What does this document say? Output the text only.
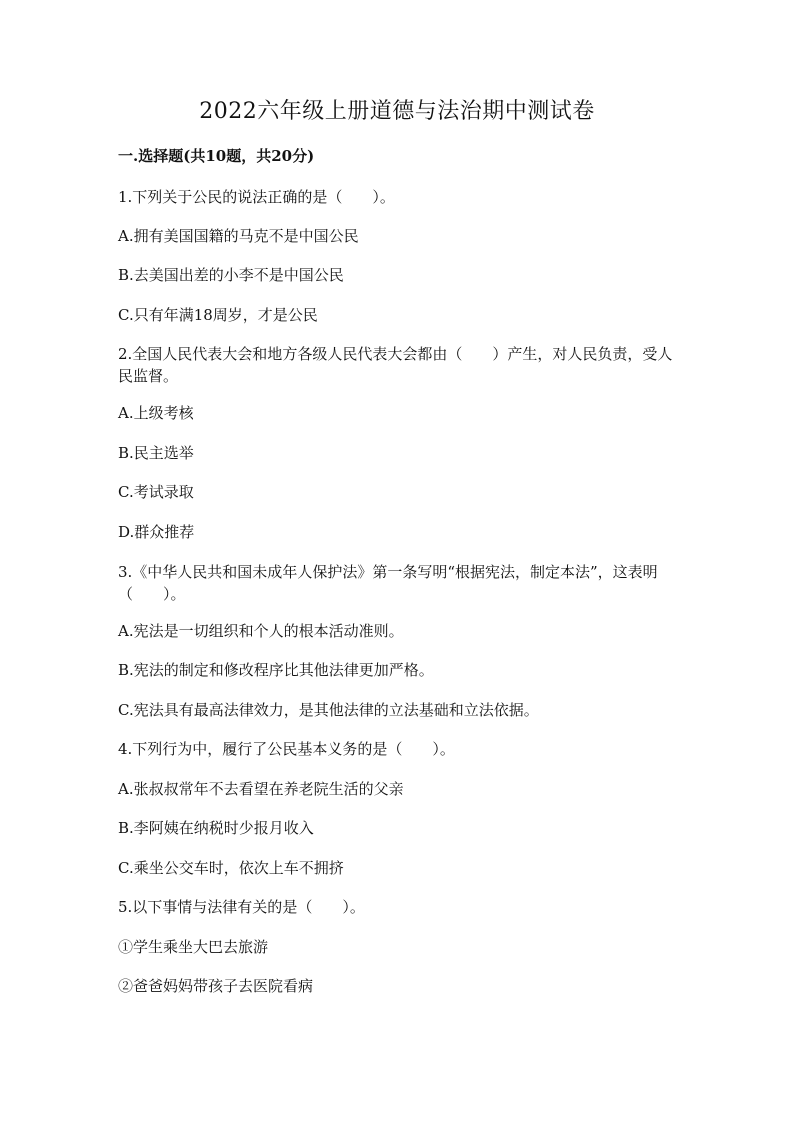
2022六年级上册道德与法治期中测试卷

一.选择题(共10题，共20分)

1.下列关于公民的说法正确的是（　　）。

A.拥有美国国籍的马克不是中国公民

B.去美国出差的小李不是中国公民

C.只有年满18周岁，才是公民

2.全国人民代表大会和地方各级人民代表大会都由（　　）产生，对人民负责，受人民监督。

A.上级考核

B.民主选举

C.考试录取

D.群众推荐

3.《中华人民共和国未成年人保护法》第一条写明“根据宪法，制定本法”，这表明（　　）。

A.宪法是一切组织和个人的根本活动准则。

B.宪法的制定和修改程序比其他法律更加严格。

C.宪法具有最高法律效力，是其他法律的立法基础和立法依据。

4.下列行为中，履行了公民基本义务的是（　　）。

A.张叔叔常年不去看望在养老院生活的父亲

B.李阿姨在纳税时少报月收入

C.乘坐公交车时，依次上车不拥挤

5.以下事情与法律有关的是（　　）。

①学生乘坐大巴去旅游

②爸爸妈妈带孩子去医院看病
